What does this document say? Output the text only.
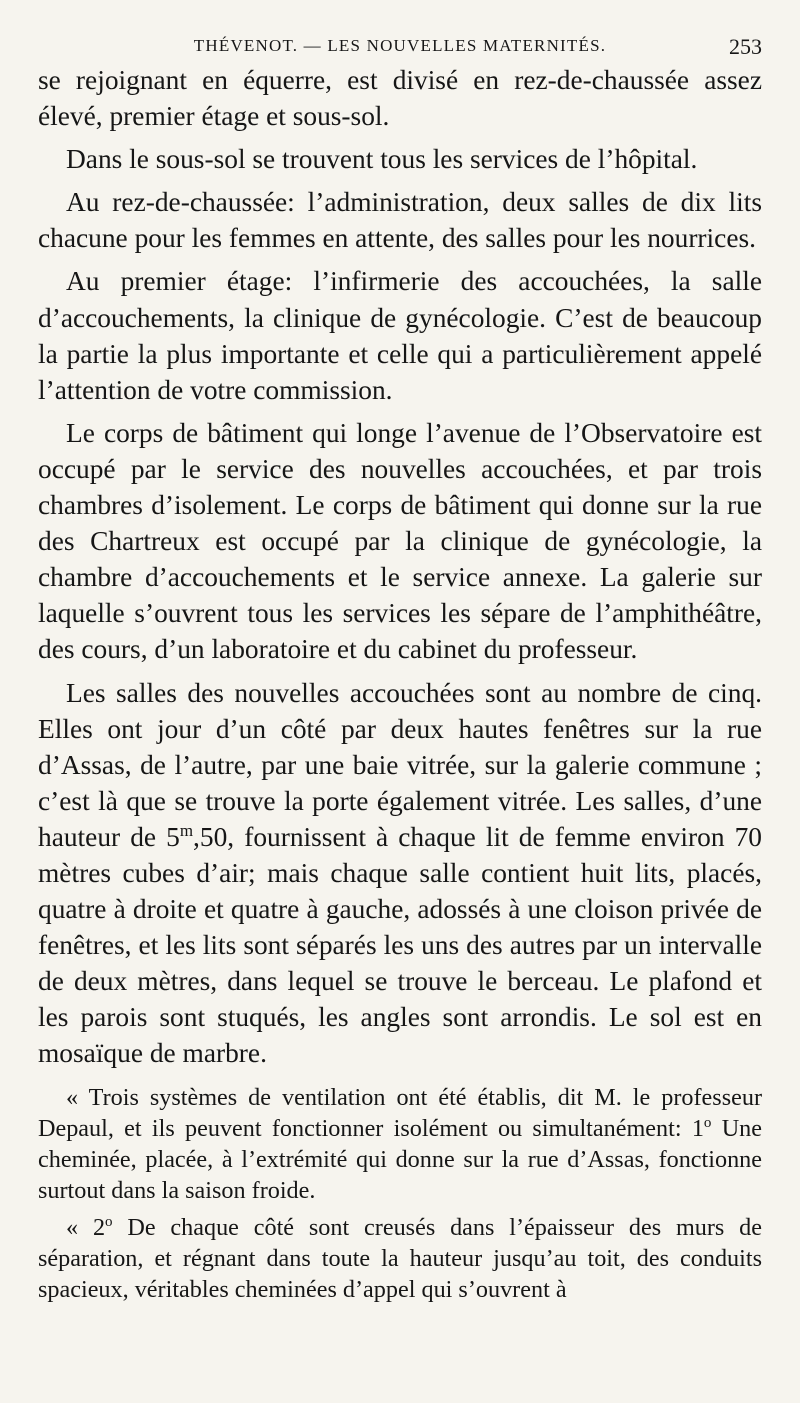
THÉVENOT. — LES NOUVELLES MATERNITÉS.	253

se rejoignant en équerre, est divisé en rez-de-chaussée assez élevé, premier étage et sous-sol.

Dans le sous-sol se trouvent tous les services de l’hôpital.

Au rez-de-chaussée: l’administration, deux salles de dix lits chacune pour les femmes en attente, des salles pour les nourrices.

Au premier étage: l’infirmerie des accouchées, la salle d’accouchements, la clinique de gynécologie. C’est de beaucoup la partie la plus importante et celle qui a particulièrement appelé l’attention de votre commission.

Le corps de bâtiment qui longe l’avenue de l’Observatoire est occupé par le service des nouvelles accouchées, et par trois chambres d’isolement. Le corps de bâtiment qui donne sur la rue des Chartreux est occupé par la clinique de gynécologie, la chambre d’accouchements et le service annexe. La galerie sur laquelle s’ouvrent tous les services les sépare de l’amphithéâtre, des cours, d’un laboratoire et du cabinet du professeur.

Les salles des nouvelles accouchées sont au nombre de cinq. Elles ont jour d’un côté par deux hautes fenêtres sur la rue d’Assas, de l’autre, par une baie vitrée, sur la galerie commune ; c’est là que se trouve la porte également vitrée. Les salles, d’une hauteur de 5$^m$,50, fournissent à chaque lit de femme environ 70 mètres cubes d’air; mais chaque salle contient huit lits, placés, quatre à droite et quatre à gauche, adossés à une cloison privée de fenêtres, et les lits sont séparés les uns des autres par un intervalle de deux mètres, dans lequel se trouve le berceau. Le plafond et les parois sont stuqués, les angles sont arrondis. Le sol est en mosaïque de marbre.

« Trois systèmes de ventilation ont été établis, dit M. le professeur Depaul, et ils peuvent fonctionner isolément ou simultanément: 1$^o$ Une cheminée, placée, à l’extrémité qui donne sur la rue d’Assas, fonctionne surtout dans la saison froide.

« 2$^o$ De chaque côté sont creusés dans l’épaisseur des murs de séparation, et régnant dans toute la hauteur jusqu’au toit, des conduits spacieux, véritables cheminées d’appel qui s’ouvrent à
